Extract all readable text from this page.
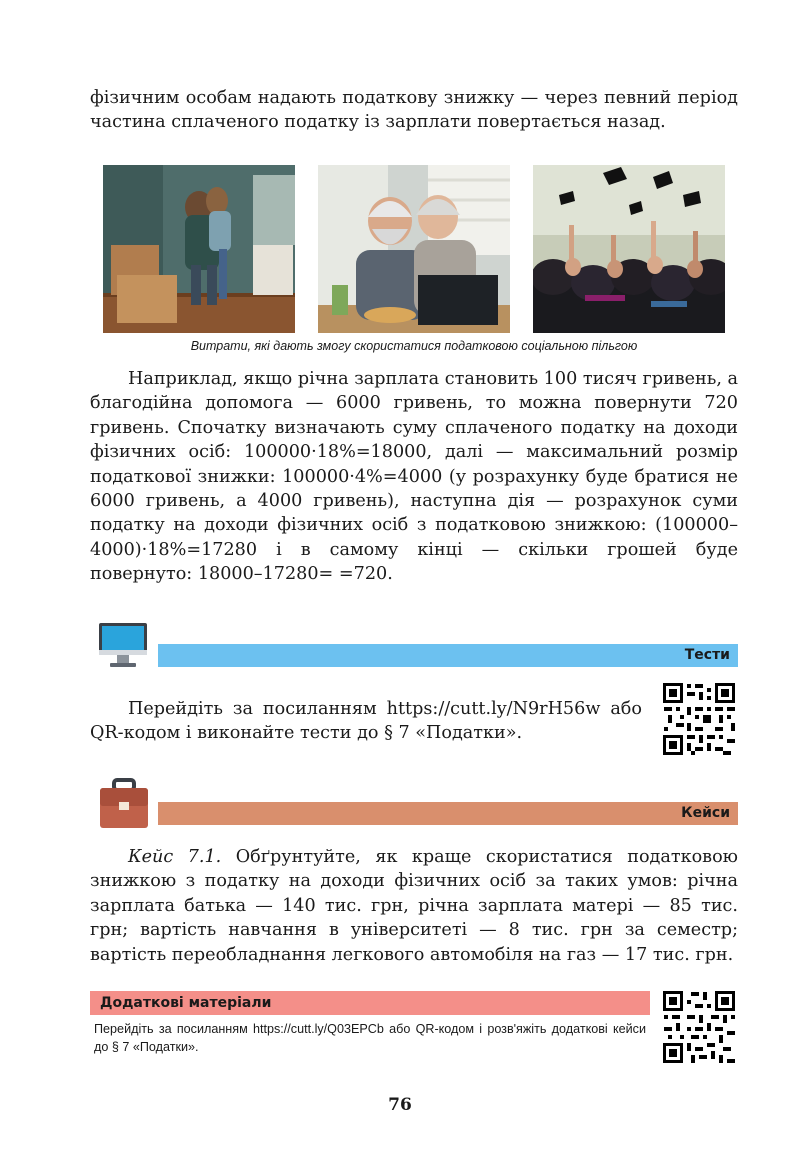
фізичним особам надають податкову знижку — через певний період частина сплаченого податку із зарплати повертається назад.

Витрати, які дають змогу скористатися податковою соціальною пільгою

Наприклад, якщо річна зарплата становить 100 тисяч гривень, а благодійна допомога — 6000 гривень, то можна повернути 720 гривень. Спочатку визначають суму сплаченого податку на доходи фізичних осіб: 100000·18%=18000, далі — максимальний розмір податкової знижки: 100000·4%=4000 (у розрахунку буде братися не 6000 гривень, а 4000 гривень), наступна дія — розрахунок суми податку на доходи фізичних осіб з податковою знижкою: (100000–4000)·18%=17280 і в самому кінці — скільки грошей буде повернуто: 18000–17280= =720.

Тести

Перейдіть за посиланням https://cutt.ly/N9rH56w або QR-кодом і виконайте тести до § 7 «Податки».

Кейси

Кейс 7.1. Обґрунтуйте, як краще скористатися податковою знижкою з податку на доходи фізичних осіб за таких умов: річна зарплата батька — 140 тис. грн, річна зарплата матері — 85 тис. грн; вартість навчання в університеті — 8 тис. грн за семестр; вартість переобладнання легкового автомобіля на газ — 17 тис. грн.

Додаткові матеріали
Перейдіть за посиланням https://cutt.ly/Q03EPCb або QR-кодом і розв'яжіть додаткові кейси до § 7 «Податки».
76
